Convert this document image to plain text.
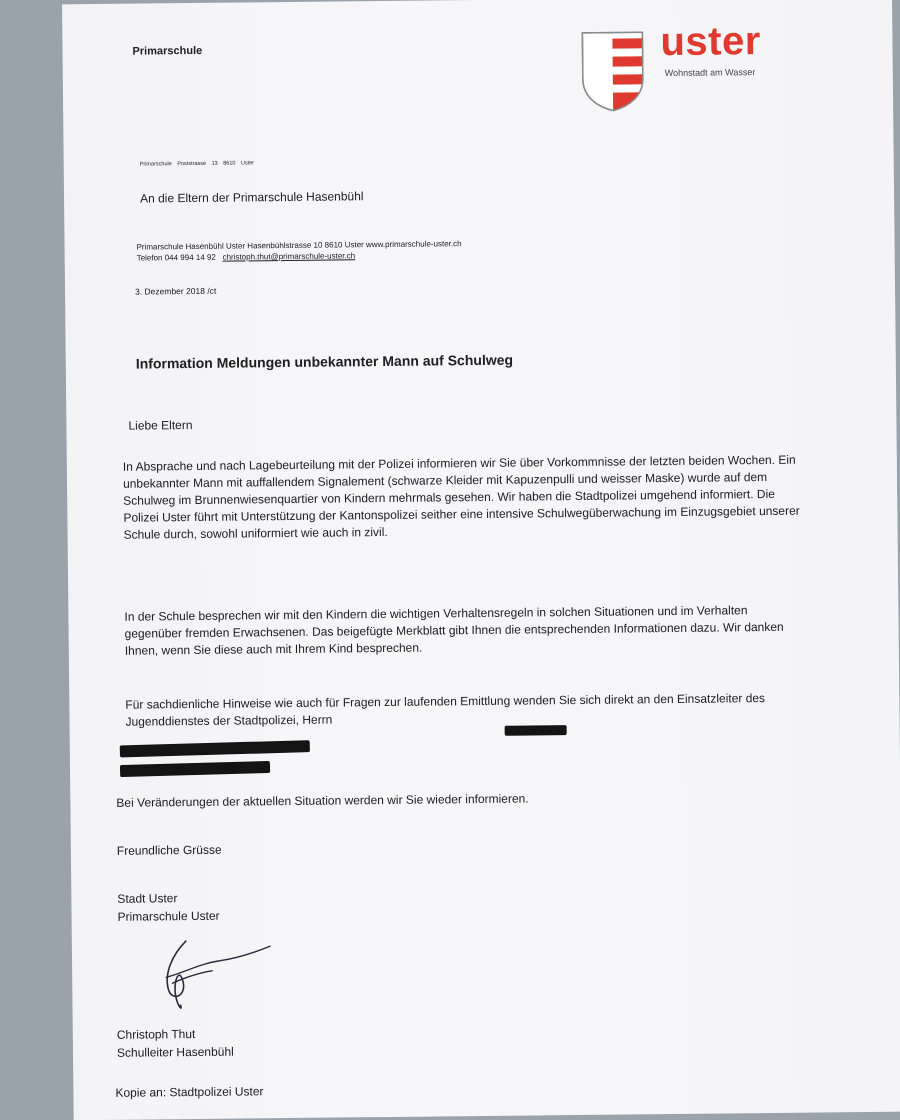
Primarschule	uster

Wohnstadt am Wasser

Primarschule Poststrasse 13 8610 Uster

An die Eltern der Primarschule Hasenbühl

Primarschule Hasenbühl Uster Hasenbühlstrasse 10 8610 Uster www.primarschule-uster.ch
Telefon 044 994 14 92 christoph.thut@primarschule-uster.ch

3. Dezember 2018 /ct

Information Meldungen unbekannter Mann auf Schulweg

Liebe Eltern

In Absprache und nach Lagebeurteilung mit der Polizei informieren wir Sie über Vorkommnisse der letzten beiden Wochen. Ein unbekannter Mann mit auffallendem Signalement (schwarze Kleider mit Kapuzenpulli und weisser Maske) wurde auf dem Schulweg im Brunnenwiesenquartier von Kindern mehrmals gesehen. Wir haben die Stadtpolizei umgehend informiert. Die Polizei Uster führt mit Unterstützung der Kantonspolizei seither eine intensive Schulwegüberwachung im Einzugsgebiet unserer Schule durch, sowohl uniformiert wie auch in zivil.

In der Schule besprechen wir mit den Kindern die wichtigen Verhaltensregeln in solchen Situationen und im Verhalten gegenüber fremden Erwachsenen. Das beigefügte Merkblatt gibt Ihnen die entsprechenden Informationen dazu. Wir danken Ihnen, wenn Sie diese auch mit Ihrem Kind besprechen.

Für sachdienliche Hinweise wie auch für Fragen zur laufenden Emittlung wenden Sie sich direkt an den Einsatzleiter des Jugenddienstes der Stadtpolizei, Herrn

Bei Veränderungen der aktuellen Situation werden wir Sie wieder informieren.

Freundliche Grüsse

Stadt Uster
Primarschule Uster
Christoph Thut
Schulleiter Hasenbühl

Kopie an: Stadtpolizei Uster
